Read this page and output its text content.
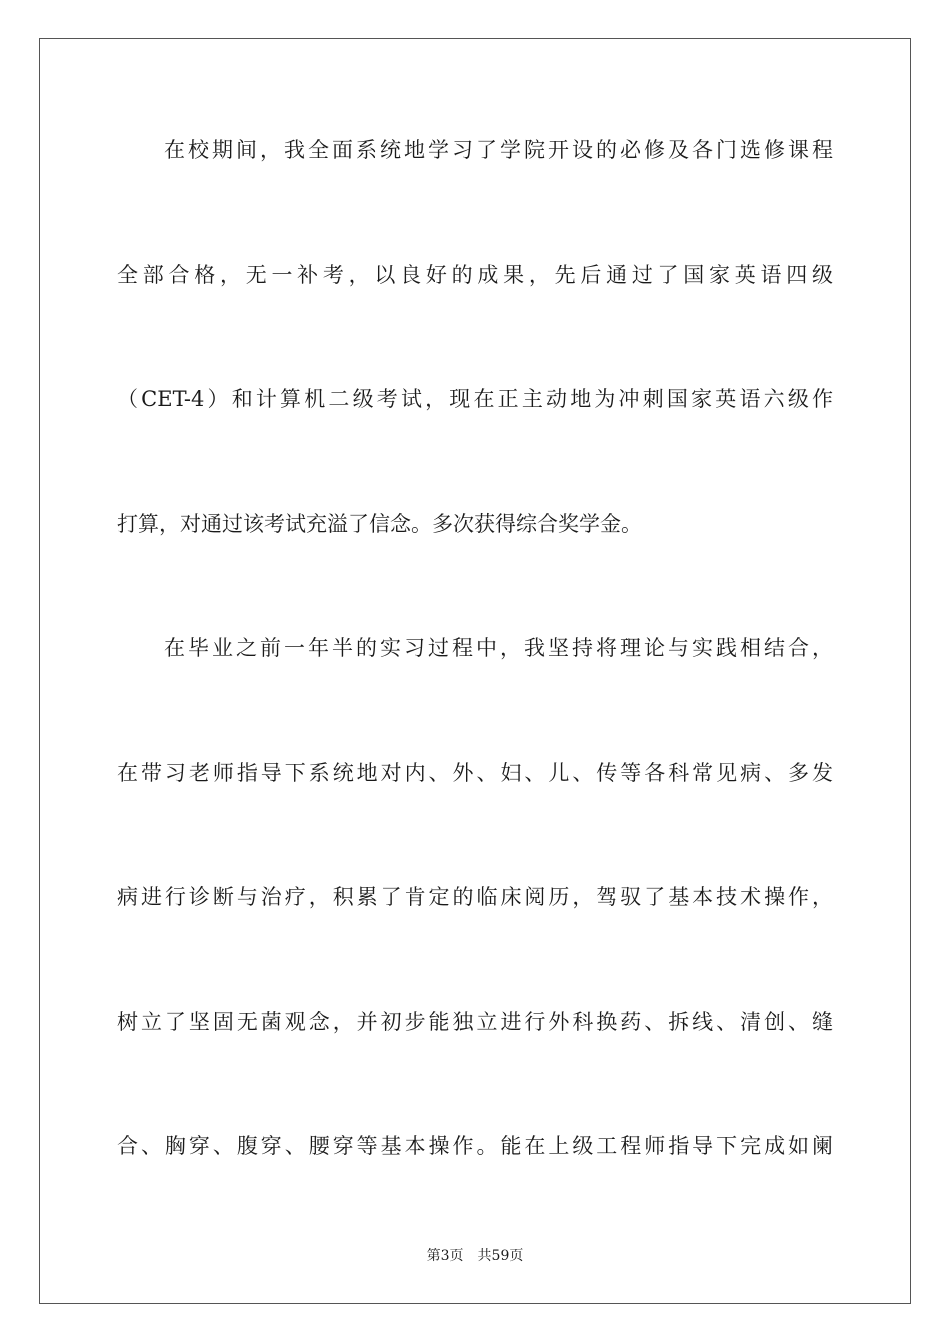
在校期间，我全面系统地学习了学院开设的必修及各门选修课程
全部合格，无一补考，以良好的成果，先后通过了国家英语四级
（CET-4）和计算机二级考试，现在正主动地为冲刺国家英语六级作
打算，对通过该考试充溢了信念。多次获得综合奖学金。
在毕业之前一年半的实习过程中，我坚持将理论与实践相结合，
在带习老师指导下系统地对内、外、妇、儿、传等各科常见病、多发
病进行诊断与治疗，积累了肯定的临床阅历，驾驭了基本技术操作，
树立了坚固无菌观念，并初步能独立进行外科换药、拆线、清创、缝
合、胸穿、腹穿、腰穿等基本操作。能在上级工程师指导下完成如阑
第3页 共59页
